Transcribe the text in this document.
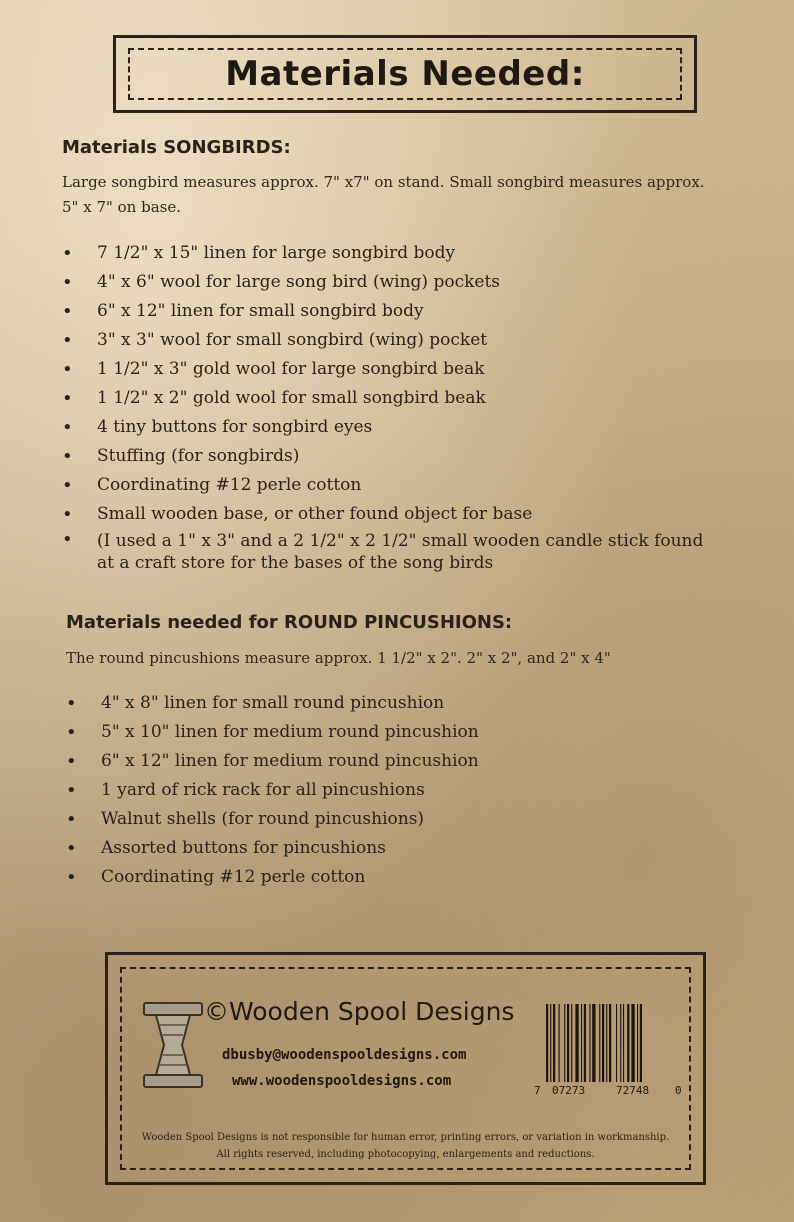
Materials Needed:
Materials SONGBIRDS:

Large songbird measures approx. 7" x7" on stand. Small songbird measures approx. 5" x 7" on base.

• 7 1/2" x 15" linen for large songbird body
• 4" x 6" wool for large song bird (wing) pockets
• 6" x 12" linen for small songbird body
• 3" x 3" wool for small songbird (wing) pocket
• 1 1/2" x 3" gold wool for large songbird beak
• 1 1/2" x 2" gold wool for small songbird beak
• 4 tiny buttons for songbird eyes
• Stuffing (for songbirds)
• Coordinating #12 perle cotton
• Small wooden base, or other found object for base
• (I used a 1" x 3" and a 2 1/2" x 2 1/2" small wooden candle stick found at a craft store for the bases of the song birds
Materials needed for ROUND PINCUSHIONS:

The round pincushions measure approx. 1 1/2" x 2". 2" x 2", and 2" x 4"

• 4" x 8" linen for small round pincushion
• 5" x 10" linen for medium round pincushion
• 6" x 12" linen for medium round pincushion
• 1 yard of rick rack for all pincushions
• Walnut shells (for round pincushions)
• Assorted buttons for pincushions
• Coordinating #12 perle cotton

©Wooden Spool Designs

dbusby@woodenspooldesigns.com

www.woodenspooldesigns.com

7 07273	72748 0

Wooden Spool Designs is not responsible for human error, printing errors, or variation in workmanship. All rights reserved, including photocopying, enlargements and reductions.
